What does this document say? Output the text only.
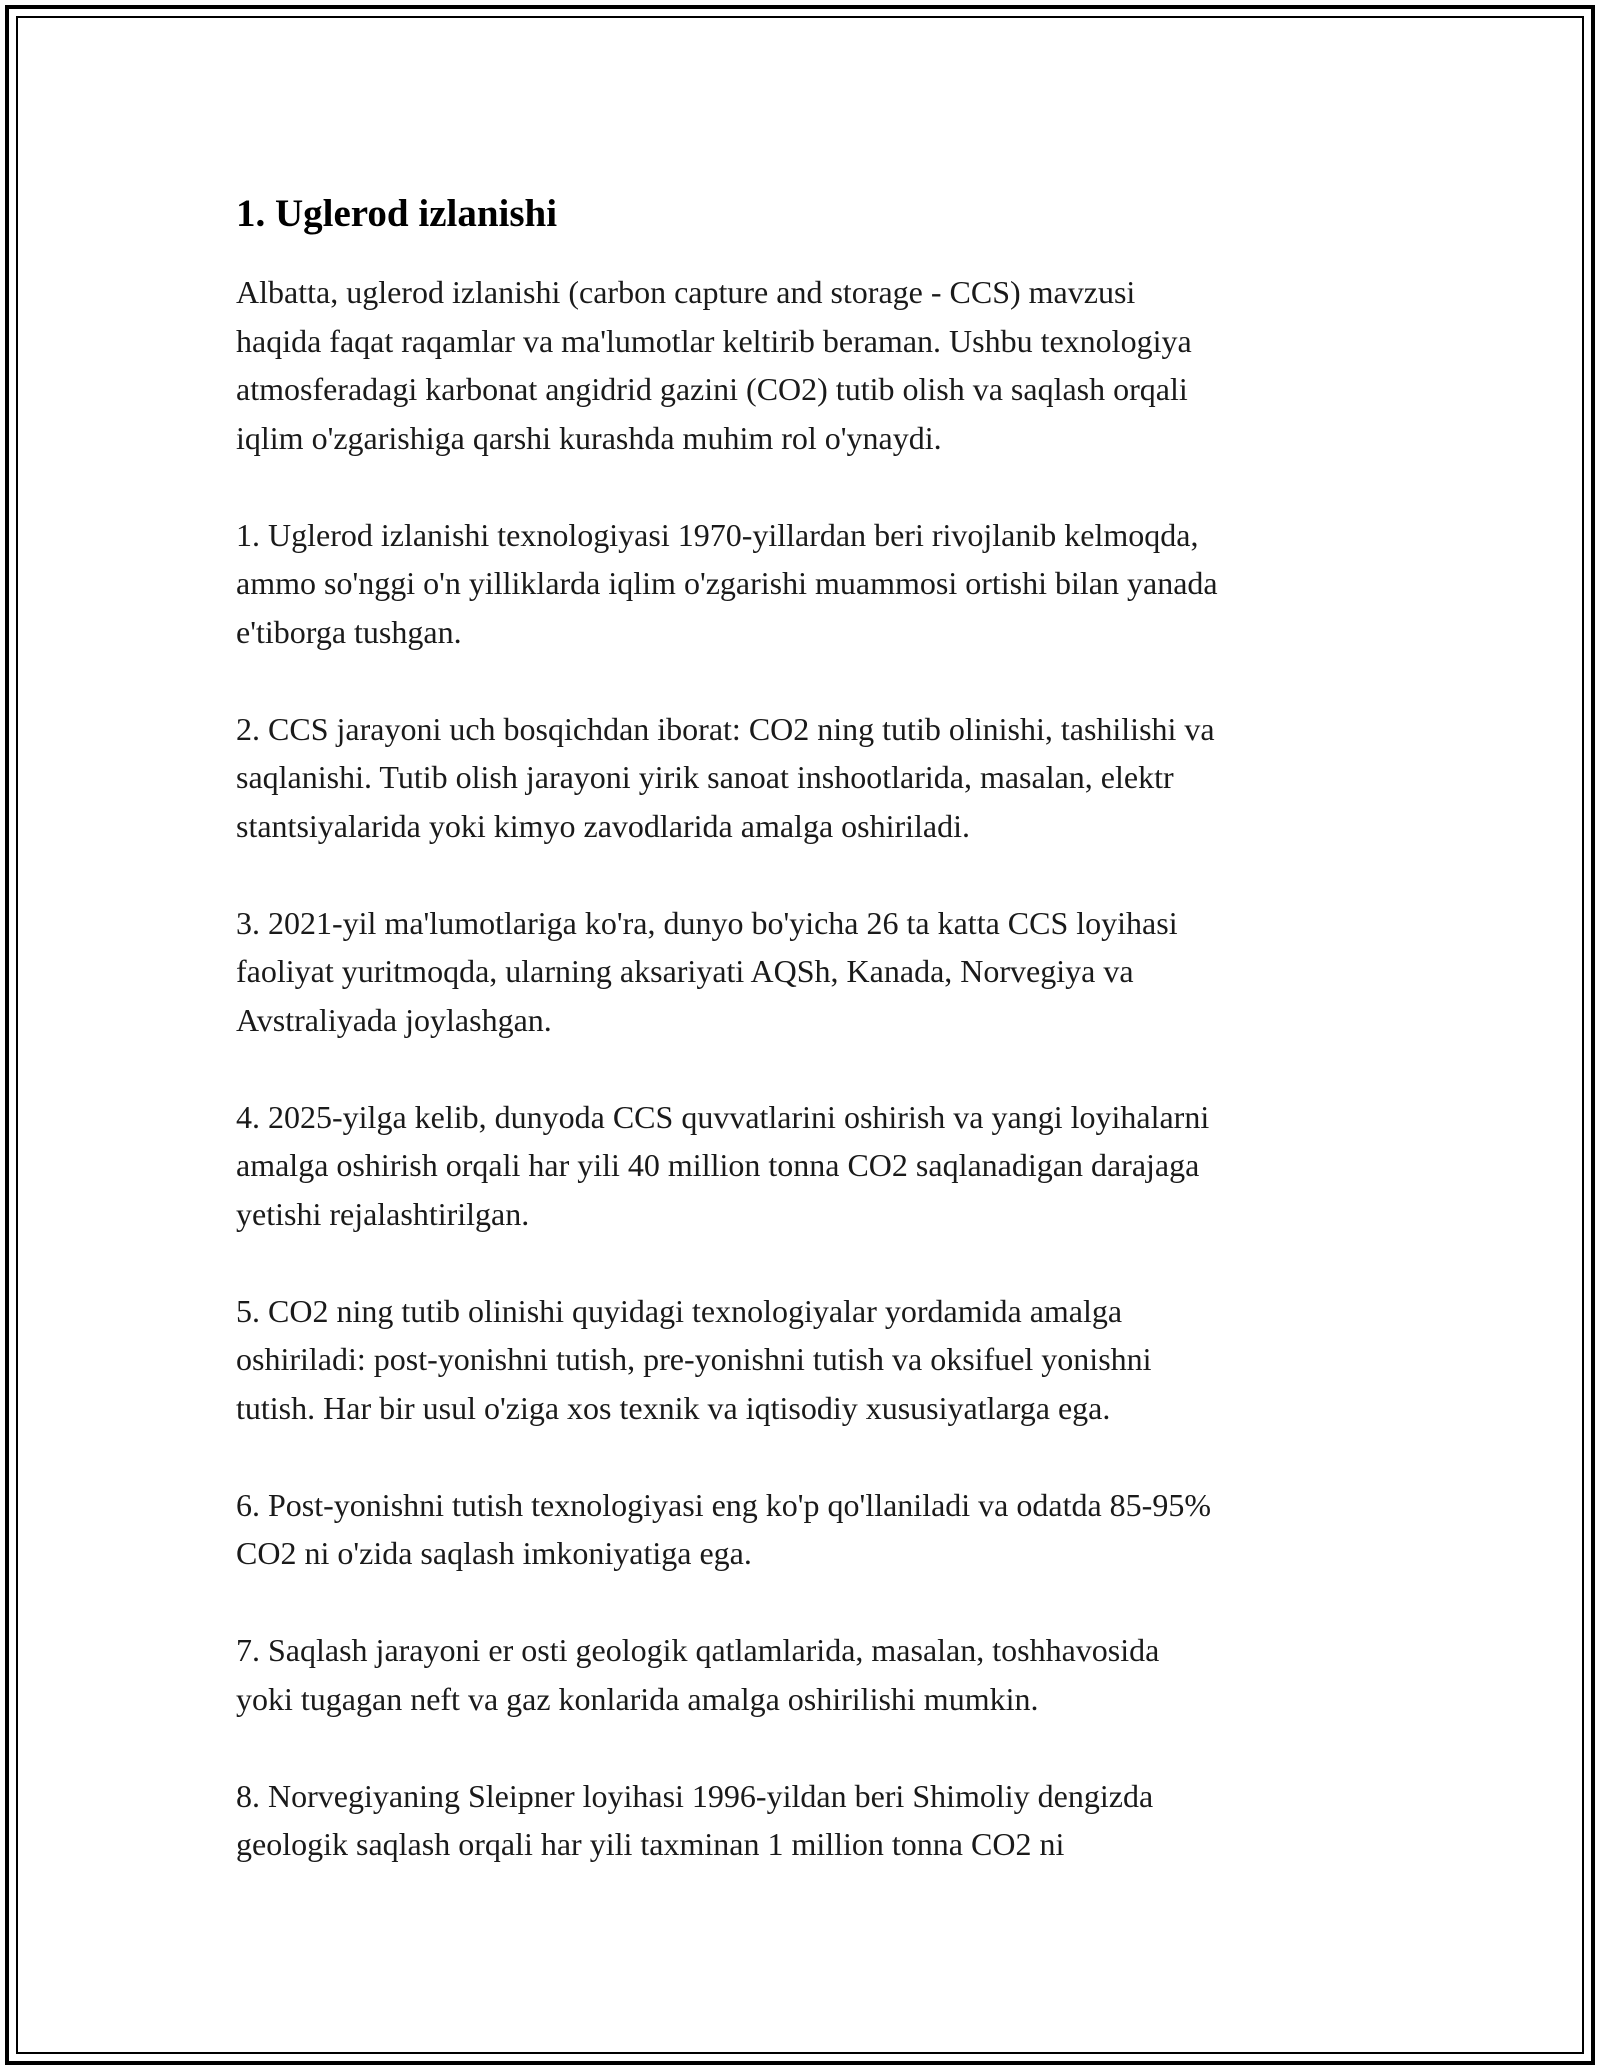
1. Uglerod izlanishi

Albatta, uglerod izlanishi (carbon capture and storage - CCS) mavzusi
haqida faqat raqamlar va ma'lumotlar keltirib beraman. Ushbu texnologiya
atmosferadagi karbonat angidrid gazini (CO2) tutib olish va saqlash orqali
iqlim o'zgarishiga qarshi kurashda muhim rol o'ynaydi.

1. Uglerod izlanishi texnologiyasi 1970-yillardan beri rivojlanib kelmoqda,
ammo so'nggi o'n yilliklarda iqlim o'zgarishi muammosi ortishi bilan yanada
e'tiborga tushgan.

2. CCS jarayoni uch bosqichdan iborat: CO2 ning tutib olinishi, tashilishi va
saqlanishi. Tutib olish jarayoni yirik sanoat inshootlarida, masalan, elektr
stantsiyalarida yoki kimyo zavodlarida amalga oshiriladi.

3. 2021-yil ma'lumotlariga ko'ra, dunyo bo'yicha 26 ta katta CCS loyihasi
faoliyat yuritmoqda, ularning aksariyati AQSh, Kanada, Norvegiya va
Avstraliyada joylashgan.

4. 2025-yilga kelib, dunyoda CCS quvvatlarini oshirish va yangi loyihalarni
amalga oshirish orqali har yili 40 million tonna CO2 saqlanadigan darajaga
yetishi rejalashtirilgan.

5. CO2 ning tutib olinishi quyidagi texnologiyalar yordamida amalga
oshiriladi: post-yonishni tutish, pre-yonishni tutish va oksifuel yonishni
tutish. Har bir usul o'ziga xos texnik va iqtisodiy xususiyatlarga ega.

6. Post-yonishni tutish texnologiyasi eng ko'p qo'llaniladi va odatda 85-95%
CO2 ni o'zida saqlash imkoniyatiga ega.

7. Saqlash jarayoni er osti geologik qatlamlarida, masalan, toshhavosida
yoki tugagan neft va gaz konlarida amalga oshirilishi mumkin.

8. Norvegiyaning Sleipner loyihasi 1996-yildan beri Shimoliy dengizda
geologik saqlash orqali har yili taxminan 1 million tonna CO2 ni
